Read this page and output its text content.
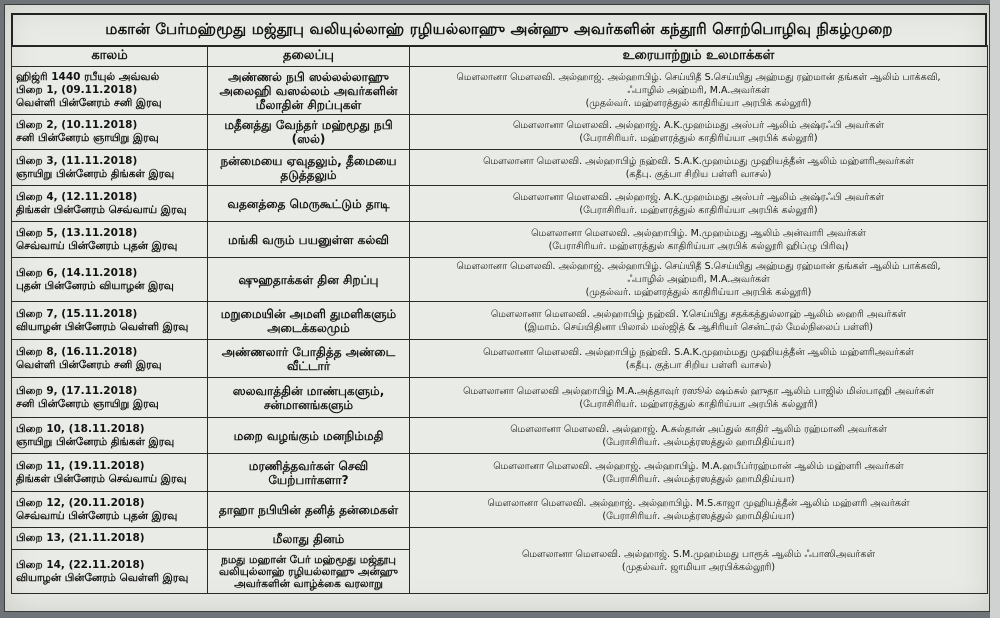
மகான் பேர்மஹ்மூது மஜ்தூபு வலியுல்லாஹ் ரழியல்லாஹு அன்ஹு அவர்களின் கந்தூரி சொற்பொழிவு நிகழ்முறை
காலம்	தலைப்பு	உரையாற்றும் உலமாக்கள்

ஹிஜ்ரி 1440 ரபீயுல் அவ்வல்
பிறை 1, (09.11.2018)
வெள்ளி பின்னேரம் சனி இரவு	அண்ணல் நபி ஸல்லல்லாஹு அலைஹி வஸல்லம் அவர்களின் மீலாதின் சிறப்புகள்	மௌலானா மௌலவி. அல்ஹாஜ். அல்ஹாபிழ். செய்யிதீ S.செய்யிது அஹ்மது ரஹ்மான் தங்கள் ஆலிம் பாக்கவி,
ஃபாழில் அஹ்மரி, M.A.அவர்கள்
(முதல்வர். மஹ்ளரத்துல் காதிரிய்யா அரபிக் கல்லூரி)

பிறை 2, (10.11.2018)
சனி பின்னேரம் ஞாயிறு இரவு	மதீனத்து வேந்தர் மஹ்மூது நபி (ஸல்)	மௌலானா மௌலவி. அல்ஹாஜ். A.K.முஹம்மது அஸ்பர் ஆலிம் அஷ்ரஃபி அவர்கள்
(பேராசிரியர். மஹ்ளரத்துல் காதிரிய்யா அரபிக் கல்லூரி)

பிறை 3, (11.11.2018)
ஞாயிறு பின்னேரம் திங்கள் இரவு	நன்மையை ஏவுதலும், தீமையை தடுத்தலும்	மௌலானா மௌலவி. அல்ஹாபிழ் நஹ்வி. S.A.K.முஹம்மது முஹியத்தீன் ஆலிம் மஹ்ளரிஅவர்கள்
(கதீபு. குத்பா சிறிய பள்ளி வாசல்)

பிறை 4, (12.11.2018)
திங்கள் பின்னேரம் செவ்வாய் இரவு	வதனத்தை மெருகூட்டும் தாடி	மௌலானா மௌலவி. அல்ஹாஜ். A.K.முஹம்மது அஸ்பர் ஆலிம் அஷ்ரஃபி அவர்கள்
(பேராசிரியர். மஹ்ளரத்துல் காதிரிய்யா அரபிக் கல்லூரி)

பிறை 5, (13.11.2018)
செவ்வாய் பின்னேரம் புதன் இரவு	மங்கி வரும் பயனுள்ள கல்வி	மௌலானா மௌலவி. அல்ஹாபிழ். M.முஹம்மது ஆலிம் அன்வாரி அவர்கள்
(பேராசிரியர். மஹ்ளரத்துல் காதிரிய்யா அரபிக் கல்லூரி ஹிப்ழு பிரிவு)

பிறை 6, (14.11.2018)
புதன் பின்னேரம் வியாழன் இரவு	ஷுஹதாக்கள் தின சிறப்பு	மௌலானா மௌலவி. அல்ஹாஜ். அல்ஹாபிழ். செய்யிதீ S.செய்யிது அஹ்மது ரஹ்மான் தங்கள் ஆலிம் பாக்கவி,
ஃபாழில் அஹ்மரி, M.A.அவர்கள்
(முதல்வர். மஹ்ளரத்துல் காதிரிய்யா அரபிக் கல்லூரி)

பிறை 7, (15.11.2018)
வியாழன் பின்னேரம் வெள்ளி இரவு	மறுமையின் அமளி துமளிகளும் அடைக்கலமும்	மௌலானா மௌலவி. அல்ஹாபிழ் நஹ்வி. Y.செய்யிது சதக்கத்துல்லாஹ் ஆலிம் ஹைரி அவர்கள்
(இமாம். செய்யிதினா பிலால் மஸ்ஜித் & ஆசிரியர் சென்ட்ரல் மேல்நிலைப் பள்ளி)

பிறை 8, (16.11.2018)
வெள்ளி பின்னேரம் சனி இரவு	அண்ணலார் போதித்த அண்டை வீட்டார்	மௌலானா மௌலவி. அல்ஹாபிழ் நஹ்வி. S.A.K.முஹம்மது முஹியத்தீன் ஆலிம் மஹ்ளரிஅவர்கள்
(கதீபு. குத்பா சிறிய பள்ளி வாசல்)

பிறை 9, (17.11.2018)
சனி பின்னேரம் ஞாயிறு இரவு	ஸலவாத்தின் மாண்புகளும், சன்மானங்களும்	மௌலானா மௌலவி அல்ஹாபிழ் M.A.அத்தாவுர் ரஸூல் ஷம்சுல் ஹுதா ஆலிம் பாஜில் மிஸ்பாஹி அவர்கள்
(பேராசிரியர். மஹ்ளரத்துல் காதிரிய்யா அரபிக் கல்லூரி)

பிறை 10, (18.11.2018)
ஞாயிறு பின்னேரம் திங்கள் இரவு	மறை வழங்கும் மனநிம்மதி	மௌலானா மௌலவி. அல்ஹாஜ். A.சுல்தான் அப்துல் காதிர் ஆலிம் ரஹ்மானி அவர்கள்
(பேராசிரியர். அல்மத்ரஸத்துல் ஹாமிதிய்யா)

பிறை 11, (19.11.2018)
திங்கள் பின்னேரம் செவ்வாய் இரவு	மரணித்தவர்கள் செவி யேற்பார்களா?	மௌலானா மௌலவி. அல்ஹாஜ். அல்ஹாபிழ். M.A.ஹபீப்ர்ரஹ்மான் ஆலிம் மஹ்ளரி அவர்கள்
(பேராசிரியர். அல்மத்ரஸத்துல் ஹாமிதிய்யா)

பிறை 12, (20.11.2018)
செவ்வாய் பின்னேரம் புதன் இரவு	தாஹா நபியின் தனித் தன்மைகள்	மௌலானா மௌலவி. அல்ஹாஜ். அல்ஹாபிழ். M.S.காஜா முஹியத்தீன் ஆலிம் மஹ்ளரி அவர்கள்
(பேராசிரியர். அல்மத்ரஸத்துல் ஹாமிதிய்யா)

பிறை 13, (21.11.2018)	மீலாது தினம்	மௌலானா மௌலவி. அல்ஹாஜ். S.M.முஹம்மது பாரூக் ஆலிம் ஃபாஸிஅவர்கள்
(முதல்வர். ஜாமியா அரபிக்கல்லூரி)

பிறை 14, (22.11.2018)
வியாழன் பின்னேரம் வெள்ளி இரவு	நமது மஹான் பேர் மஹ்மூது மஜ்தூபு வலியுல்லாஹ் ரழியல்லாஹு அன்ஹு அவர்களின் வாழ்க்கை வரலாறு	
